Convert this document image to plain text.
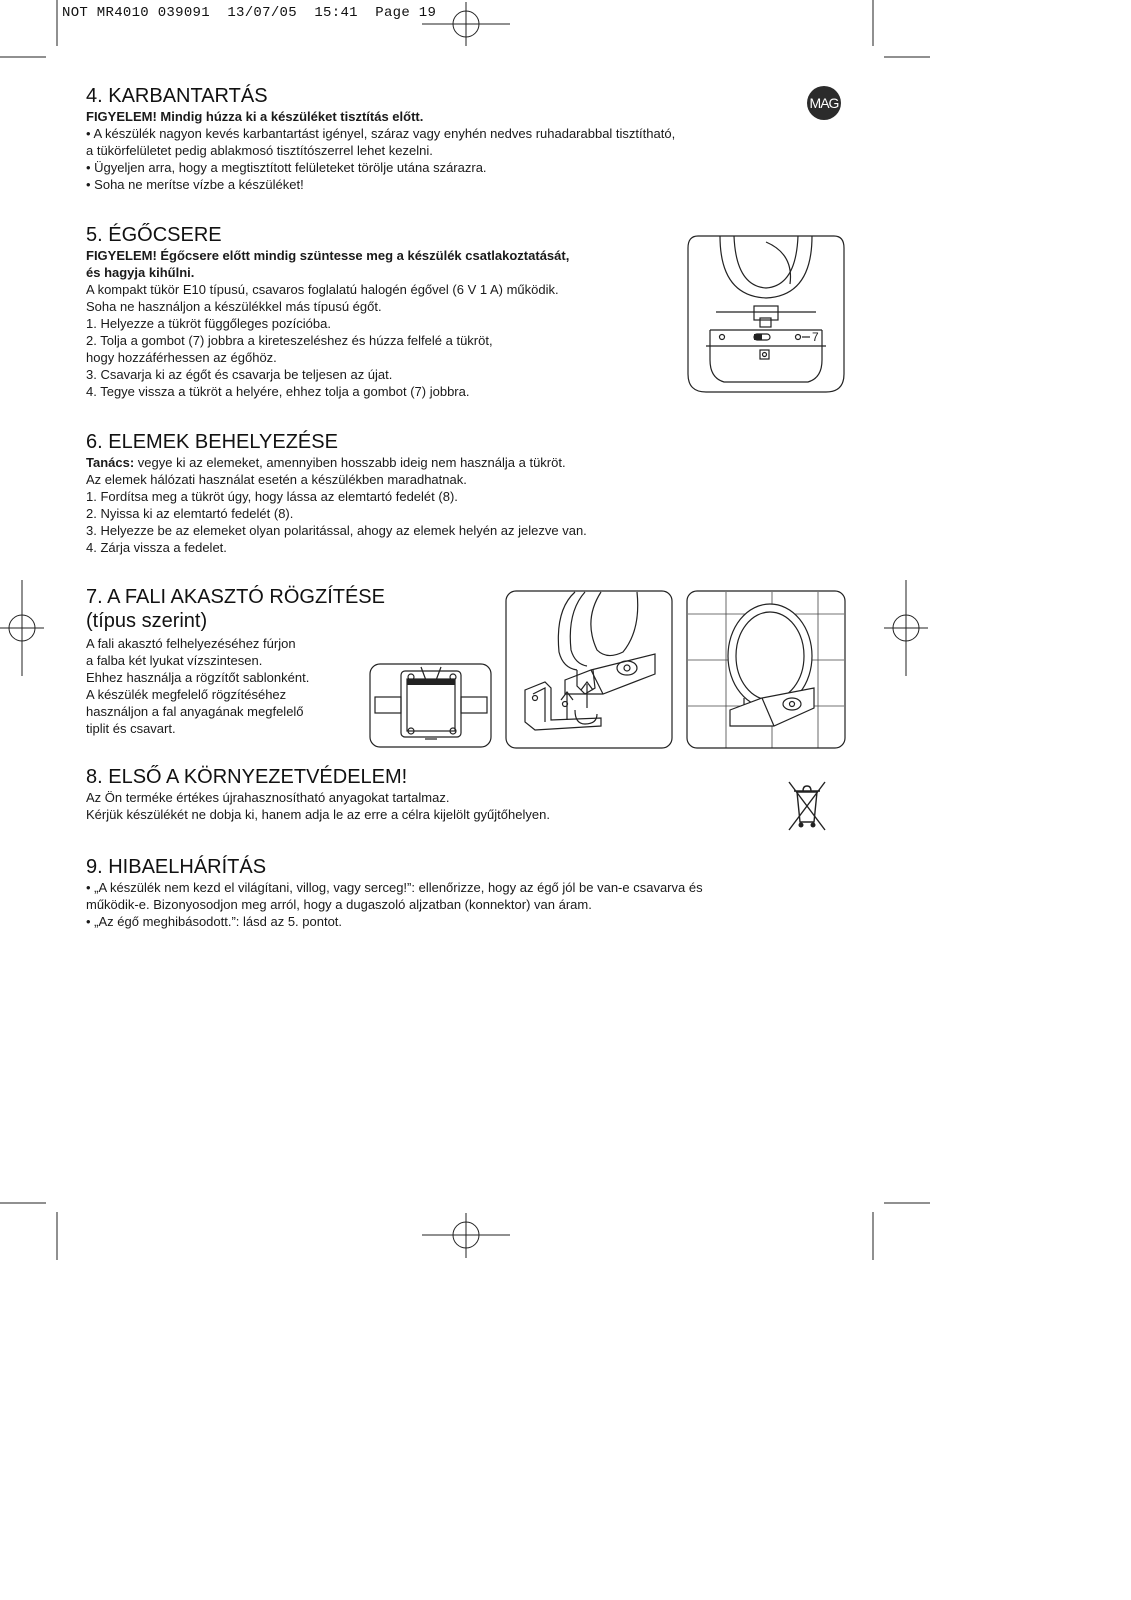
NOT MR4010 039091  13/07/05  15:41  Page 19
MAG
4. KARBANTARTÁS

FIGYELEM! Mindig húzza ki a készüléket tisztítás előtt.

• A készülék nagyon kevés karbantartást igényel, száraz vagy enyhén nedves ruhadarabbal tisztítható,

a tükörfelületet pedig ablakmosó tisztítószerrel lehet kezelni.

• Ügyeljen arra, hogy a megtisztított felületeket törölje utána szárazra.

• Soha ne merítse vízbe a készüléket!

5. ÉGŐCSERE

FIGYELEM! Égőcsere előtt mindig szüntesse meg a készülék csatlakoztatását,

és hagyja kihűlni.

A kompakt tükör E10 típusú, csavaros foglalatú halogén égővel (6 V 1 A) működik.

Soha ne használjon a készülékkel más típusú égőt.

1. Helyezze a tükröt függőleges pozícióba.

2. Tolja a gombot (7) jobbra a kireteszeléshez és húzza felfelé a tükröt,

hogy hozzáférhessen az égőhöz.

3. Csavarja ki az égőt és csavarja be teljesen az újat.

4. Tegye vissza a tükröt a helyére, ehhez tolja a gombot (7) jobbra.

7
6. ELEMEK BEHELYEZÉSE

Tanács: vegye ki az elemeket, amennyiben hosszabb ideig nem használja a tükröt.

Az elemek hálózati használat esetén a készülékben maradhatnak.

1. Fordítsa meg a tükröt úgy, hogy lássa az elemtartó fedelét (8).

2. Nyissa ki az elemtartó fedelét (8).

3. Helyezze be az elemeket olyan polaritással, ahogy az elemek helyén az jelezve van.

4. Zárja vissza a fedelet.

7. A FALI AKASZTÓ RÖGZÍTÉSE
(típus szerint)

A fali akasztó felhelyezéséhez fúrjon

a falba két lyukat vízszintesen.

Ehhez használja a rögzítőt sablonként.

A készülék megfelelő rögzítéséhez

használjon a fal anyagának megfelelő

tiplit és csavart.

8. ELSŐ A KÖRNYEZETVÉDELEM!

Az Ön terméke értékes újrahasznosítható anyagokat tartalmaz.

Kérjük készülékét ne dobja ki, hanem adja le az erre a célra kijelölt gyűjtőhelyen.

9. HIBAELHÁRÍTÁS

• „A készülék nem kezd el világítani, villog, vagy serceg!”: ellenőrizze, hogy az égő jól be van-e csavarva és

működik-e. Bizonyosodjon meg arról, hogy a dugaszoló aljzatban (konnektor) van áram.

• „Az égő meghibásodott.”: lásd az 5. pontot.
